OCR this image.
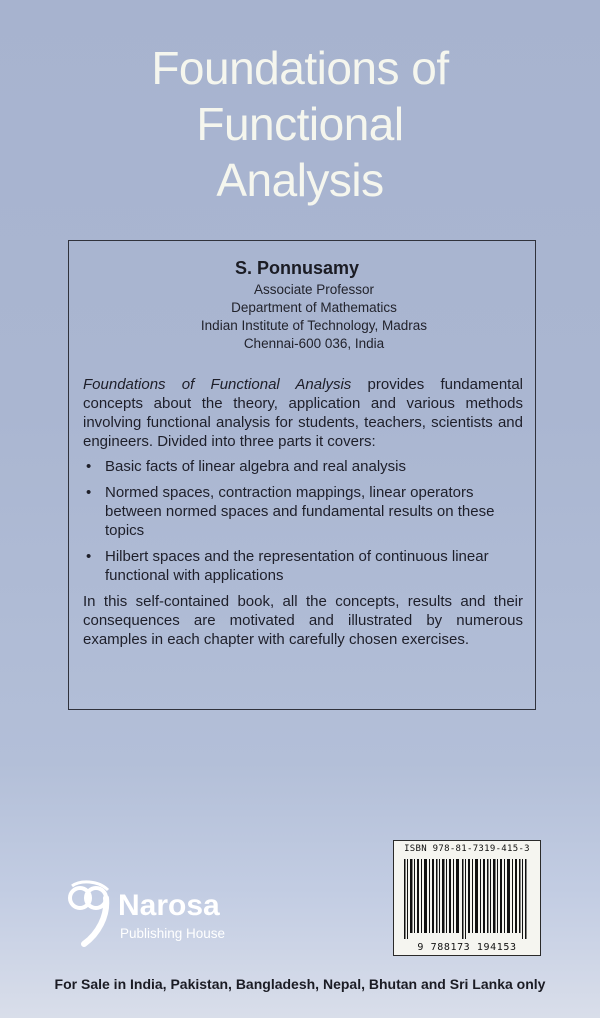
Foundations of
Functional
Analysis
S. Ponnusamy
Associate Professor
Department of Mathematics
Indian Institute of Technology, Madras
Chennai-600 036, India
Foundations of Functional Analysis provides fundamental concepts about the theory, application and various methods involving functional analysis for students, teachers, scientists and engineers. Divided into three parts it covers:
• Basic facts of linear algebra and real analysis
• Normed spaces, contraction mappings, linear operators between normed spaces and fundamental results on these topics
• Hilbert spaces and the representation of continuous linear functional with applications
In this self-contained book, all the concepts, results and their consequences are motivated and illustrated by numerous examples in each chapter with carefully chosen exercises.
Narosa
Publishing House
ISBN 978-81-7319-415-3
9 788173 194153
For Sale in India, Pakistan, Bangladesh, Nepal, Bhutan and Sri Lanka only
